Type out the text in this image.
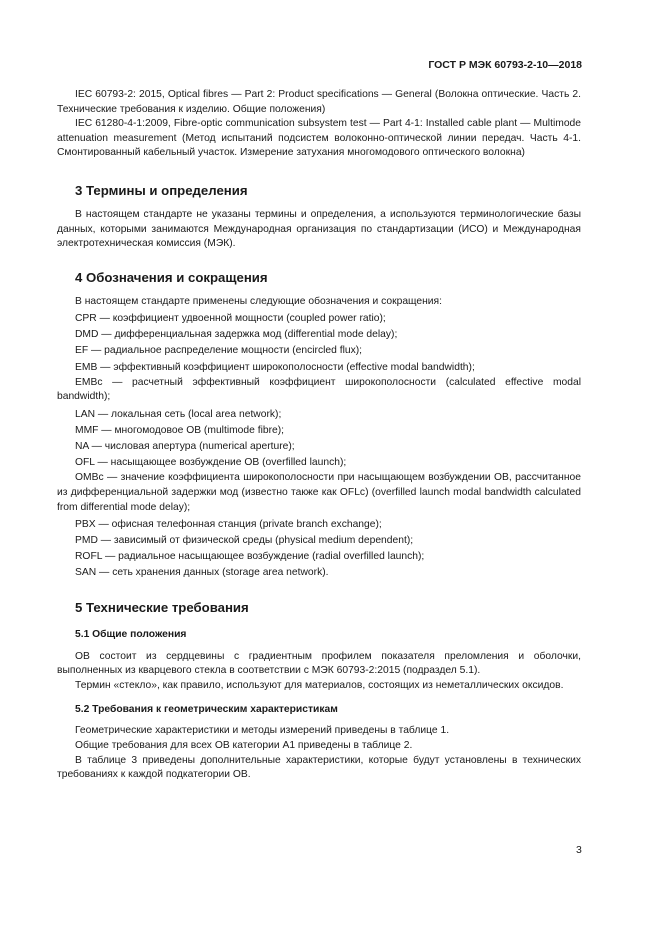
ГОСТ Р МЭК 60793-2-10—2018

IEC 60793-2: 2015, Optical fibres — Part 2: Product specifications — General (Волокна оптические. Часть 2. Технические требования к изделию. Общие положения)

IEC 61280-4-1:2009, Fibre-optic communication subsystem test — Part 4-1: Installed cable plant — Multimode attenuation measurement (Метод испытаний подсистем волоконно-оптической линии передач. Часть 4-1. Смонтированный кабельный участок. Измерение затухания многомодового оптического волокна)

3 Термины и определения

В настоящем стандарте не указаны термины и определения, а используются терминологические базы данных, которыми занимаются Международная организация по стандартизации (ИСО) и Международная электротехническая комиссия (МЭК).

4 Обозначения и сокращения

В настоящем стандарте применены следующие обозначения и сокращения:

CPR — коэффициент удвоенной мощности (coupled power ratio);

DMD — дифференциальная задержка мод (differential mode delay);

EF — радиальное распределение мощности (encircled flux);

EMB — эффективный коэффициент широкополосности (effective modal bandwidth);

EMBc — расчетный эффективный коэффициент широкополосности (calculated effective modal bandwidth);

LAN — локальная сеть (local area network);

MMF — многомодовое ОВ (multimode fibre);

NA — числовая апертура (numerical aperture);

OFL — насыщающее возбуждение ОВ (overfilled launch);

OMBc — значение коэффициента широкополосности при насыщающем возбуждении ОВ, рассчитанное из дифференциальной задержки мод (известно также как OFLc) (overfilled launch modal bandwidth calculated from differential mode delay);

PBX — офисная телефонная станция (private branch exchange);

PMD — зависимый от физической среды (physical medium dependent);

ROFL — радиальное насыщающее возбуждение (radial overfilled launch);

SAN — сеть хранения данных (storage area network).

5 Технические требования
5.1 Общие положения

ОВ состоит из сердцевины с градиентным профилем показателя преломления и оболочки, выполненных из кварцевого стекла в соответствии с МЭК 60793-2:2015 (подраздел 5.1).

Термин «стекло», как правило, используют для материалов, состоящих из неметаллических оксидов.

5.2 Требования к геометрическим характеристикам

Геометрические характеристики и методы измерений приведены в таблице 1.

Общие требования для всех ОВ категории А1 приведены в таблице 2.

В таблице 3 приведены дополнительные характеристики, которые будут установлены в технических требованиях к каждой подкатегории ОВ.

3
